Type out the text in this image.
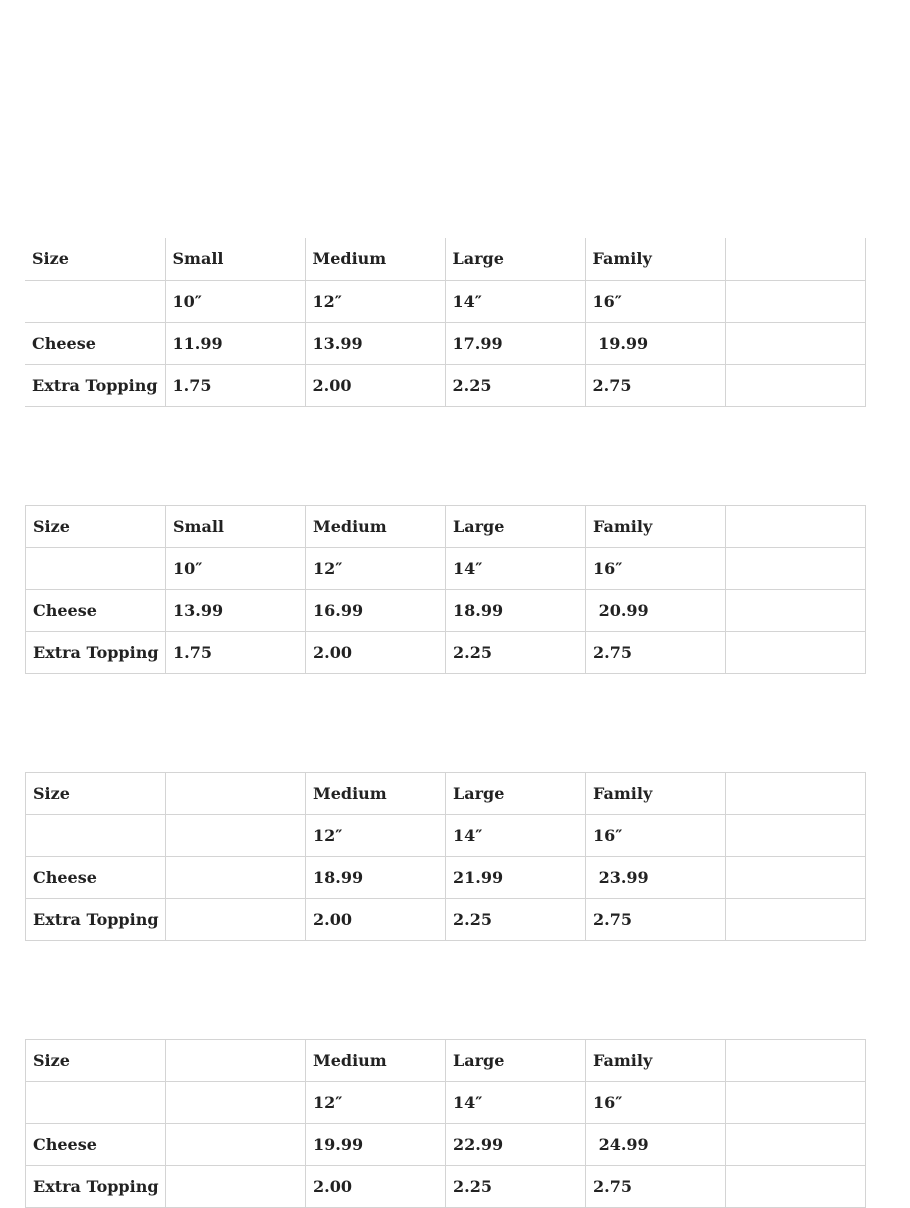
Size	Small	Medium	Large	Family	
	10″	12″	14″	16″	
Cheese	11.99	13.99	17.99	19.99	
Extra Topping	1.75	2.00	2.25	2.75	
Size	Small	Medium	Large	Family	
	10″	12″	14″	16″	
Cheese	13.99	16.99	18.99	20.99	
Extra Topping	1.75	2.00	2.25	2.75	
Size		Medium	Large	Family	
		12″	14″	16″	
Cheese		18.99	21.99	23.99	
Extra Topping		2.00	2.25	2.75	
Size		Medium	Large	Family	
		12″	14″	16″	
Cheese		19.99	22.99	24.99	
Extra Topping		2.00	2.25	2.75	
